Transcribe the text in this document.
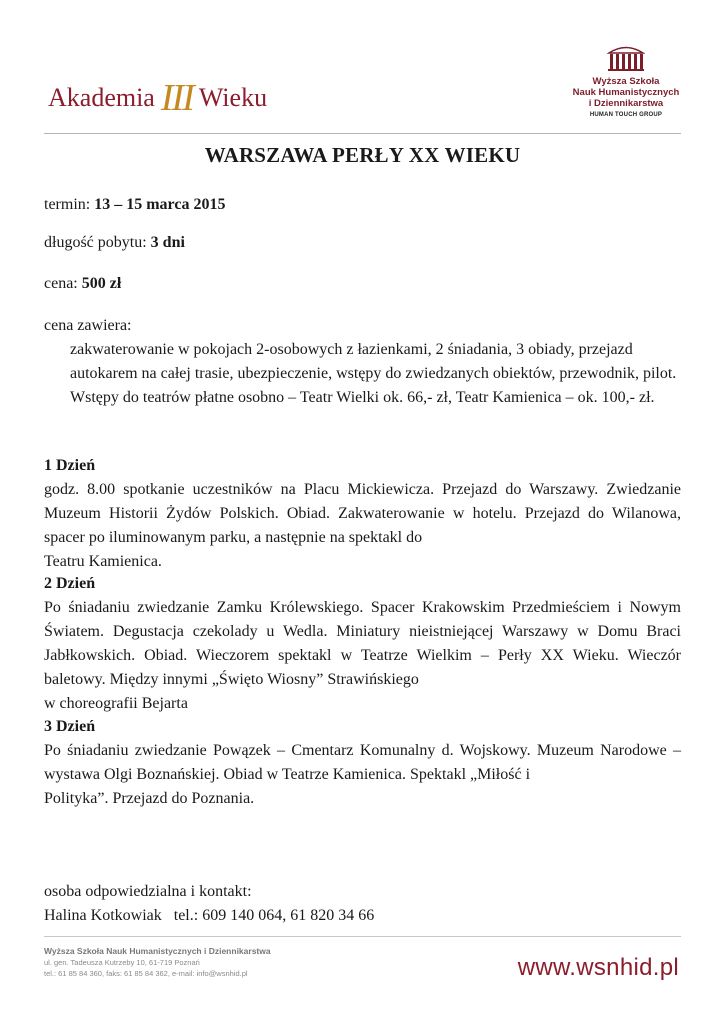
Akademia III Wieku
Wyższa Szkoła
Nauk Humanistycznych
i Dziennikarstwa
HUMAN TOUCH GROUP
WARSZAWA PERŁY XX WIEKU
termin: 13 – 15 marca 2015
długość pobytu: 3 dni
cena: 500 zł
cena zawiera:
zakwaterowanie w pokojach 2-osobowych z łazienkami, 2 śniadania, 3 obiady, przejazd autokarem na całej trasie, ubezpieczenie, wstępy do zwiedzanych obiektów, przewodnik, pilot.
Wstępy do teatrów płatne osobno – Teatr Wielki ok. 66,- zł, Teatr Kamienica – ok. 100,- zł.
1 Dzień

godz. 8.00 spotkanie uczestników na Placu Mickiewicza. Przejazd do Warszawy. Zwiedzanie Muzeum Historii Żydów Polskich. Obiad. Zakwaterowanie w hotelu. Przejazd do Wilanowa, spacer po iluminowanym parku, a następnie na spektakl do
Teatru Kamienica.

2 Dzień

Po śniadaniu zwiedzanie Zamku Królewskiego. Spacer Krakowskim Przedmieściem i Nowym Światem. Degustacja czekolady u Wedla. Miniatury nieistniejącej Warszawy w Domu Braci Jabłkowskich. Obiad. Wieczorem spektakl w Teatrze Wielkim – Perły XX Wieku. Wieczór baletowy. Między innymi „Święto Wiosny” Strawińskiego
w choreografii Bejarta

3 Dzień

Po śniadaniu zwiedzanie Powązek – Cmentarz Komunalny d. Wojskowy. Muzeum Narodowe – wystawa Olgi Boznańskiej. Obiad w Teatrze Kamienica. Spektakl „Miłość i
Polityka”. Przejazd do Poznania.

osoba odpowiedzialna i kontakt:
Halina Kotkowiak   tel.: 609 140 064, 61 820 34 66
Wyższa Szkoła Nauk Humanistycznych i Dziennikarstwa
ul. gen. Tadeusza Kutrzeby 10, 61-719 Poznań
tel.: 61 85 84 360, faks: 61 85 84 362, e-mail: info@wsnhid.pl	www.wsnhid.pl
